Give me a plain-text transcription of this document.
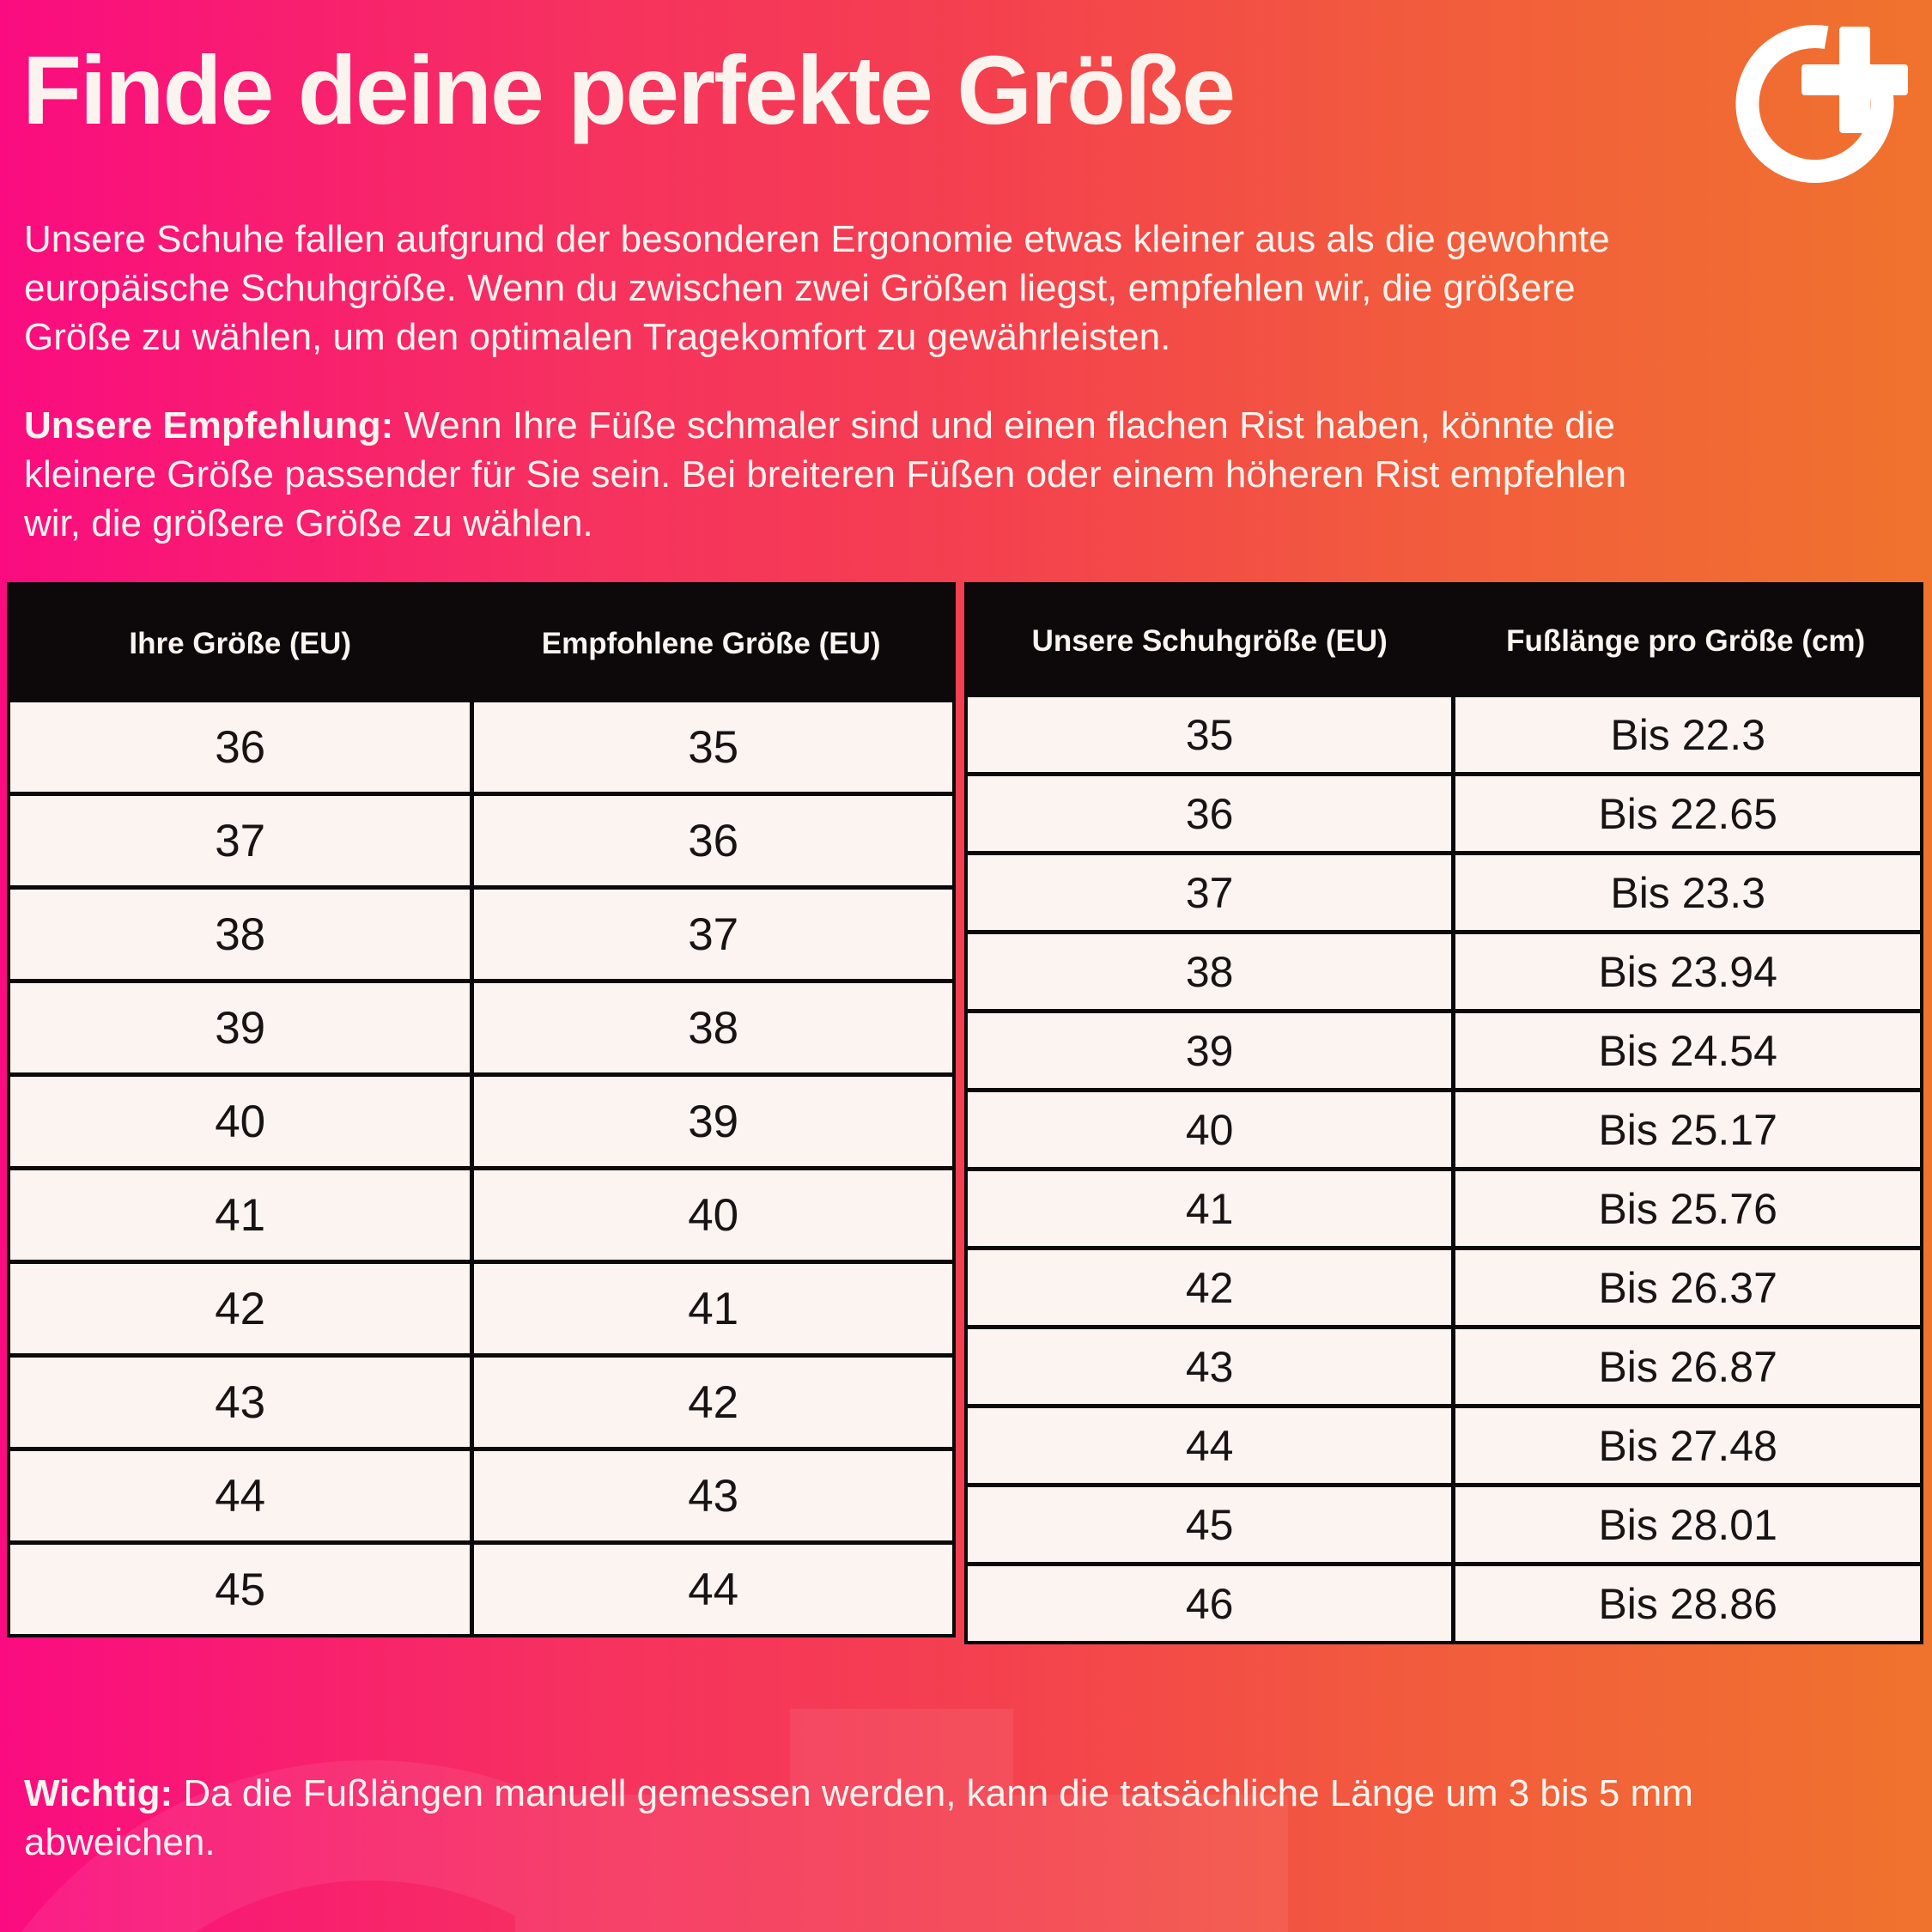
Finde deine perfekte Größe
Unsere Schuhe fallen aufgrund der besonderen Ergonomie etwas kleiner aus als die gewohnte
europäische Schuhgröße. Wenn du zwischen zwei Größen liegst, empfehlen wir, die größere
Größe zu wählen, um den optimalen Tragekomfort zu gewährleisten.
Unsere Empfehlung: Wenn Ihre Füße schmaler sind und einen flachen Rist haben, könnte die
kleinere Größe passender für Sie sein. Bei breiteren Füßen oder einem höheren Rist empfehlen
wir, die größere Größe zu wählen.
Ihre Größe (EU)	Empfohlene Größe (EU)
36	35
37	36
38	37
39	38
40	39
41	40
42	41
43	42
44	43
45	44
Unsere Schuhgröße (EU)	Fußlänge pro Größe (cm)
35	Bis 22.3
36	Bis 22.65
37	Bis 23.3
38	Bis 23.94
39	Bis 24.54
40	Bis 25.17
41	Bis 25.76
42	Bis 26.37
43	Bis 26.87
44	Bis 27.48
45	Bis 28.01
46	Bis 28.86
Wichtig: Da die Fußlängen manuell gemessen werden, kann die tatsächliche Länge um 3 bis 5 mm
abweichen.
